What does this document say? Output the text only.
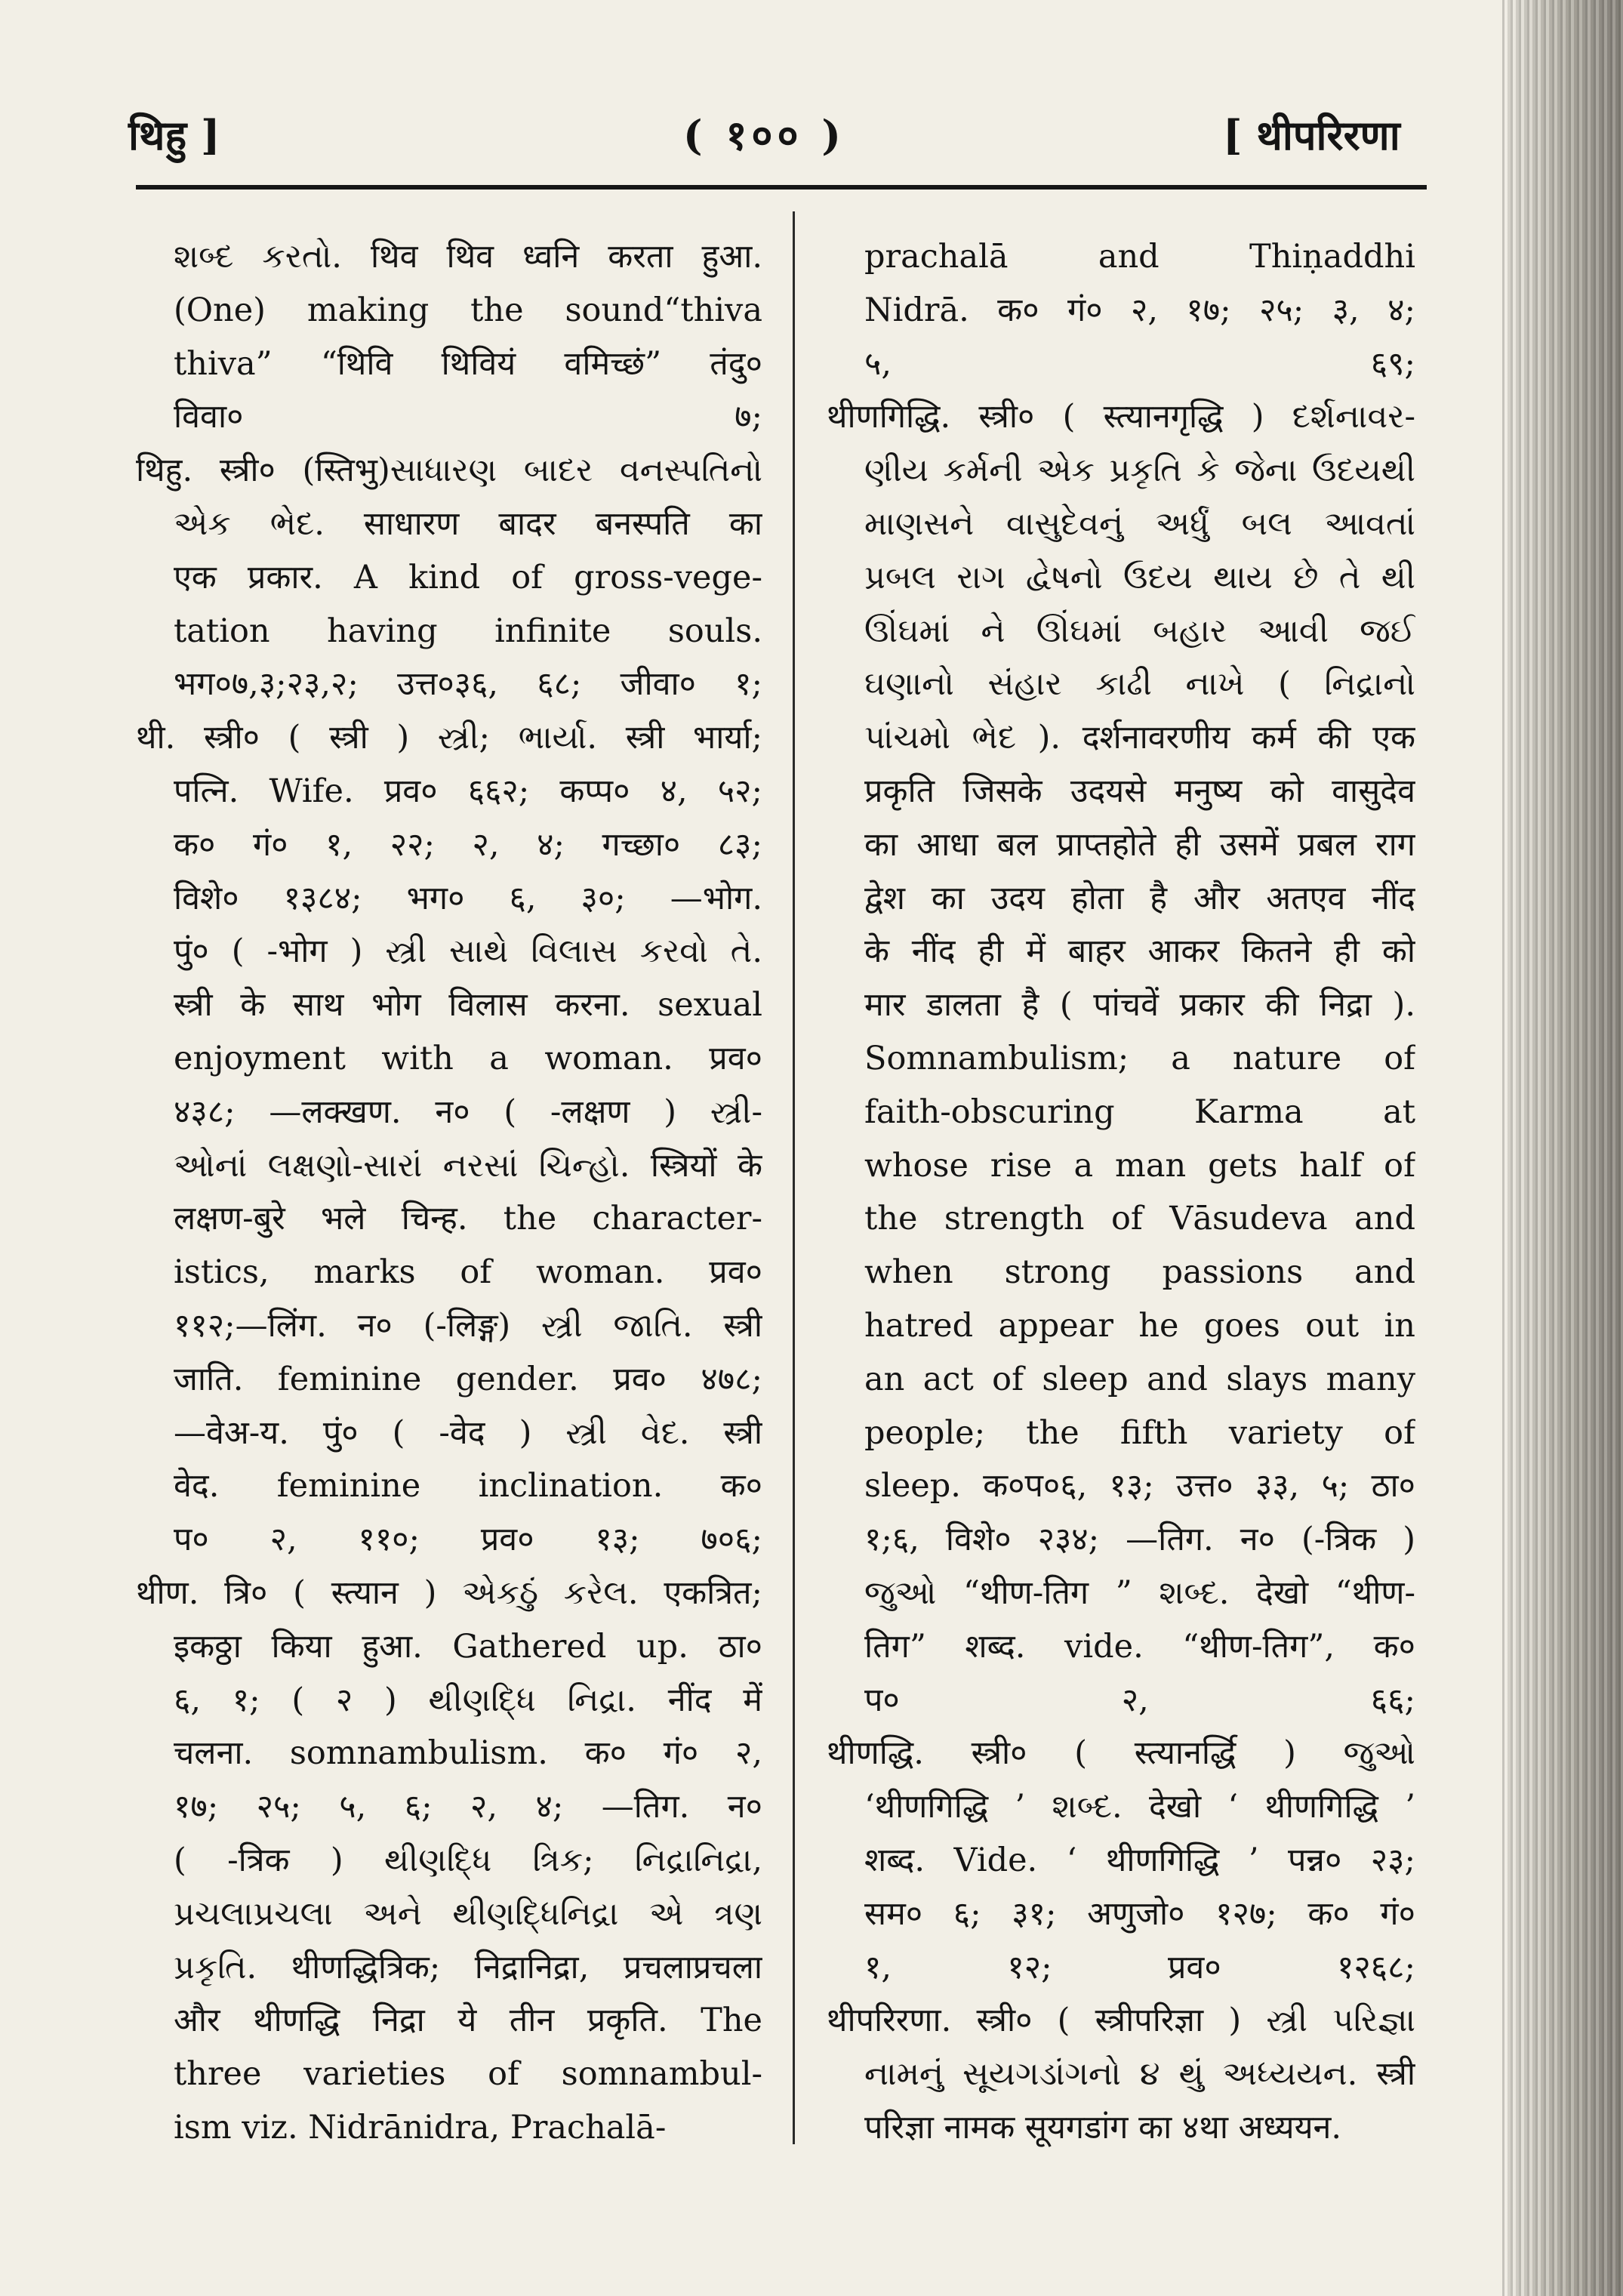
थिहु ]	( १०० )	[ थीपरिरणा
શબ્દ કરતો. थिव थिव ध्वनि करता हुआ.
(One) making the sound“thiva
thiva” “थिवि थिवियं वमिच्छं” तंदु०
विवा० ७;
थिहु. स्त्री० (स्तिभु)સાધારણ બાદર વનસ્પતિનો
એક ભેદ. साधारण बादर बनस्पति का
एक प्रकार. A kind of gross-vege-
tation having infinite souls.
भग०७,३;२३,२; उत्त०३६, ६८; जीवा० १;
थी. स्त्री० ( स्त्री ) સ્ત્રી; ભાર્યા. स्त्री भार्या;
पत्नि. Wife. प्रव० ६६२; कप्प० ४, ५२;
क० गं० १, २२; २, ४; गच्छा० ८३;
विशे० १३८४; भग० ६, ३०; —भोग.
पुं० ( -भोग ) સ્ત્રી સાથે વિલાસ કરવો તે.
स्त्री के साथ भोग विलास करना. sexual
enjoyment with a woman. प्रव०
४३८; —लक्खण. न० ( -लक्षण ) સ્ત્રી-
ઓનાં લક્ષણો-સારાં નરસાં ચિન્હો. स्त्रियों के
लक्षण-बुरे भले चिन्ह. the character-
istics, marks of woman. प्रव०
११२;—लिंग. न० (-लिङ्ग) સ્ત્રી જાતિ. स्त्री
जाति. feminine gender. प्रव० ४७८;
—वेअ-य. पुं० ( -वेद ) સ્ત્રી વેદ. स्त्री
वेद. feminine inclination. क०
प० २, ११०; प्रव० १३; ७०६;
थीण. त्रि० ( स्त्यान ) એકઠું કરેલ. एकत्रित;
इकठ्ठा किया हुआ. Gathered up. ठा०
६, १; ( २ ) થીણદ્ધિ નિદ્રા. नींद में
चलना. somnambulism. क० गं० २,
१७; २५; ५, ६; २, ४; —तिग. न०
( -त्रिक ) થીણદ્ધિ ત્રિક; નિદ્રાનિદ્રા,
પ્રચલાપ્રચલા અને થીણદ્ધિનિદ્રા એ ત્રણ
પ્રકૃતિ. थीणद्धित्रिक; निद्रानिद्रा, प्रचलाप्रचला
और थीणद्धि निद्रा ये तीन प्रकृति. The
three varieties of somnambul-
ism viz. Nidrānidra, Prachalā-
prachalā and Thiṇaddhi
Nidrā. क० गं० २, १७; २५; ३, ४;
५, ६९;
थीणगिद्धि. स्त्री० ( स्त्यानगृद्धि ) દર્શનાવર-
ણીય કર્મની એક પ્રકૃતિ કે જેના ઉદયથી
માણસને વાસુદેવનું અર્ધું બલ આવતાં
પ્રબલ રાગ દ્વેષનો ઉદય થાય છે તે થી
ઊંઘમાં ને ઊંઘમાં બહાર આવી જઈ
ઘણાનો સંહાર કાઢી નાખે ( નિદ્રાનો
પાંચમો ભેદ ). दर्शनावरणीय कर्म की एक
प्रकृति जिसके उदयसे मनुष्य को वासुदेव
का आधा बल प्राप्तहोते ही उसमें प्रबल राग
द्वेश का उदय होता है और अतएव नींद
के नींद ही में बाहर आकर कितने ही को
मार डालता है ( पांचवें प्रकार की निद्रा ).
Somnambulism; a nature of
faith-obscuring Karma at
whose rise a man gets half of
the strength of Vāsudeva and
when strong passions and
hatred appear he goes out in
an act of sleep and slays many
people; the fifth variety of
sleep. क०प०६, १३; उत्त० ३३, ५; ठा०
१;६, विशे० २३४; —तिग. न० (-त्रिक )
જુઓ “थीण-तिग ” શબ્દ. देखो “थीण-
तिग” शब्द. vide. “थीण-तिग”, क०
प० २, ६६;
थीणद्धि. स्त्री० ( स्त्यानर्द्धि ) જુઓ
‘थीणगिद्धि ’ શબ્દ. देखो ‘ थीणगिद्धि ’
शब्द. Vide. ‘ थीणगिद्धि ’ पन्न० २३;
सम० ६; ३१; अणुजो० १२७; क० गं०
१, १२; प्रव० १२६८;
थीपरिरणा. स्त्री० ( स्त्रीपरिज्ञा ) સ્ત્રી પરિજ્ઞા
નામનું સૂયગડાંગનો ૪ થું અધ્યયન. स्त्री
परिज्ञा नामक सूयगडांग का ४था अध्ययन.
